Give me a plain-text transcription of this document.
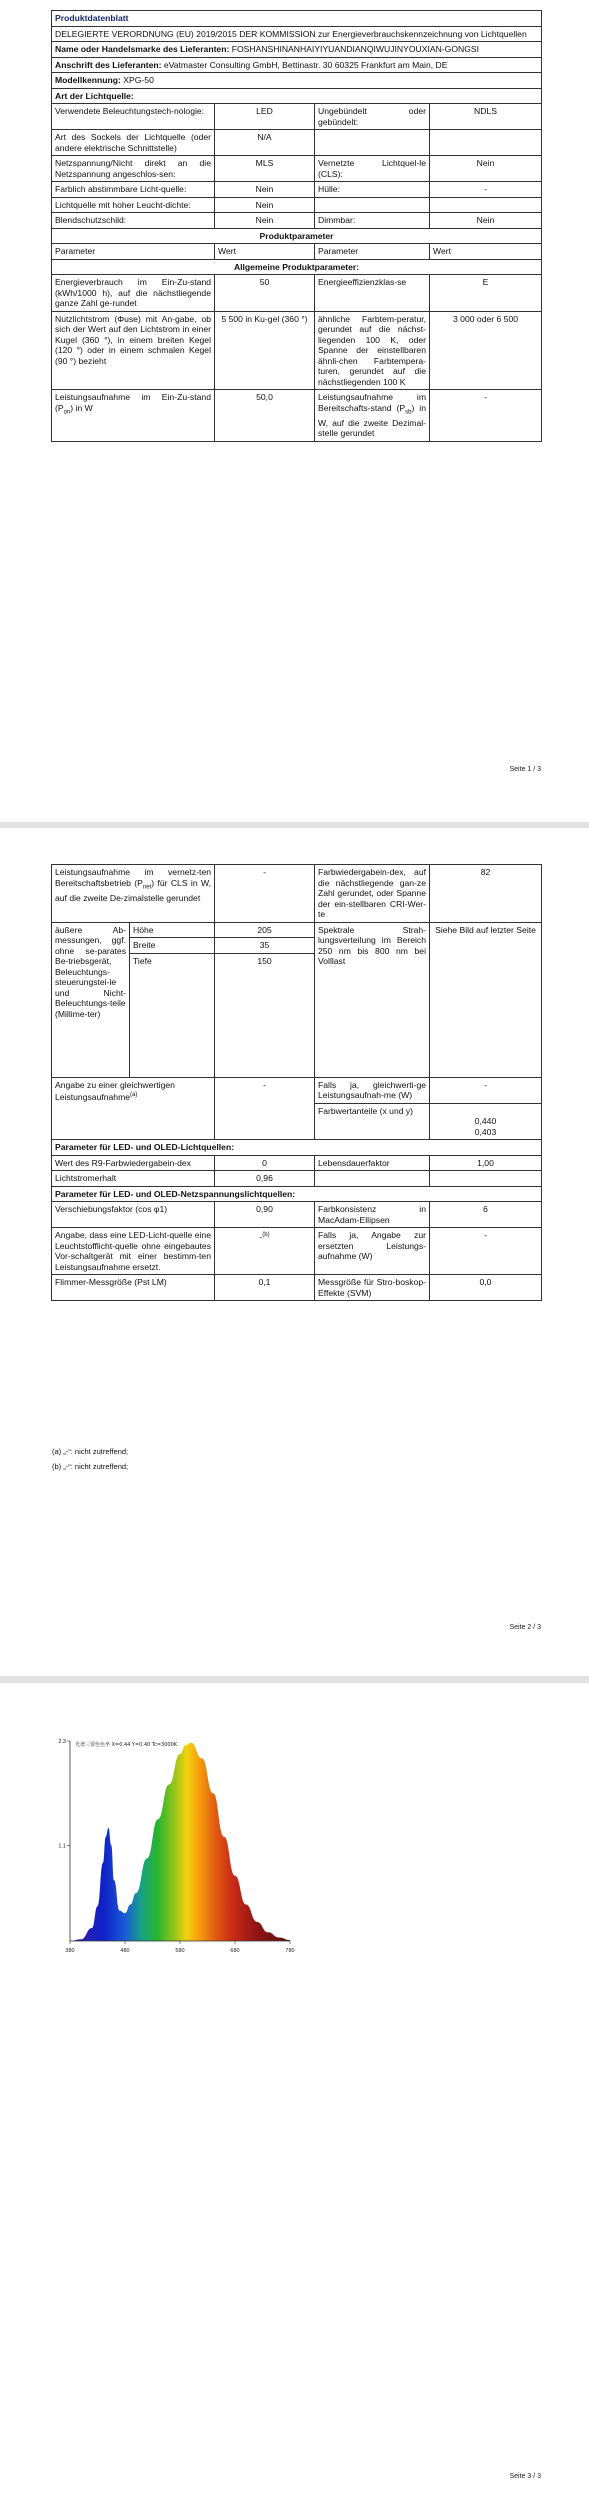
Produktdatenblatt			
DELEGIERTE VERORDNUNG (EU) 2019/2015 DER KOMMISSION zur Energieverbrauchskennzeichnung von Lichtquellen			
Name oder Handelsmarke des Lieferanten: FOSHANSHINANHAIYIYUANDIANQIWUJINYOUXIAN-GONGSI			
Anschrift des Lieferanten: eVatmaster Consulting GmbH, Bettinastr. 30 60325 Frankfurt am Main, DE			
Modellkennung: XPG-50			
Art der Lichtquelle:			
Verwendete Beleuchtungstech-nologie:	LED	Ungebündelt oder gebündelt:	NDLS
Art des Sockels der Lichtquelle (oder andere elektrische Schnittstelle)	N/A		
Netzspannung/Nicht direkt an die Netzspannung angeschlos-sen:	MLS	Vernetzte Lichtquel-le (CLS):	Nein
Farblich abstimmbare Licht-quelle:	Nein	Hülle:	-
Lichtquelle mit hoher Leucht-dichte:	Nein		
Blendschutzschild:	Nein	Dimmbar:	Nein
Produktparameter			
Parameter	Wert	Parameter	Wert
Allgemeine Produktparameter:			
Energieverbrauch im Ein-Zu-stand (kWh/1000 h), auf die nächstliegende ganze Zahl ge-rundet	50	Energieeffizienzklas-se	E
Nutzlichtstrom (Φuse) mit An-gabe, ob sich der Wert auf den Lichtstrom in einer Kugel (360 °), in einem breiten Kegel (120 °) oder in einem schmalen Kegel (90 °) bezieht	5 500 in Ku-gel (360 °)	ähnliche Farbtem-peratur, gerundet auf die nächst-liegenden 100 K, oder Spanne der einstellbaren ähnli-chen Farbtempera-turen, gerundet auf die nächstliegenden 100 K	3 000 oder 6 500
Leistungsaufnahme im Ein-Zu-stand $(P_{on})$ in W	50,0	Leistungsaufnahme im Bereitschafts-stand $(P_{sb})$ in W, auf die zweite Dezimal-stelle gerundet	-
Seite 1 / 3
Leistungsaufnahme im vernetz-ten Bereitschaftsbetrieb $(P_{net})$ für CLS in W, auf die zweite De-zimalstelle gerundet		-	Farbwiedergabein-dex, auf die nächstliegende gan-ze Zahl gerundet, oder Spanne der ein-stellbaren CRI-Wer-te	82
äußere Ab-messungen, ggf. ohne se-parates Be-triebsgerät, Beleuchtungs-steuerungstei-le und Nicht-Beleuchtungs-teile (Millime-ter)	Höhe	205	Spektrale Strah-lungsverteilung im Bereich 250 nm bis 800 nm bei Volllast	Siehe Bild auf letzter Seite
	Breite	35		
	Tiefe	150		
Angabe zu einer gleichwertigen Leistungsaufnahme$^{(a)}$		-	Falls ja, gleichwerti-ge Leistungsaufnah-me (W)	-
			Farbwertanteile (x und y)	0,440
0,403
Parameter für LED- und OLED-Lichtquellen:				
Wert des R9-Farbwiedergabein-dex		0	Lebensdauerfaktor	1,00
Lichtstromerhalt		0,96		
Parameter für LED- und OLED-Netzspannungslichtquellen:				
Verschiebungsfaktor (cos φ1)		0,90	Farbkonsistenz in MacAdam-Ellipsen	6
Angabe, dass eine LED-Licht-quelle eine Leuchtstofflicht-quelle ohne eingebautes Vor-schaltgerät mit einer bestimm-ten Leistungsaufnahme ersetzt.		-$^{(b)}$	Falls ja, Angabe zur ersetzten Leistungs-aufnahme (W)	-
Flimmer-Messgröße (Pst LM)		0,1	Messgröße für Stro-boskop-Effekte (SVM)	0,0
(a) „-“: nicht zutreffend;
(b) „-“: nicht zutreffend;
Seite 2 / 3
380	480	580	680	780
2.3
1.1
光谱三要色色坐 X=0.44 Y=0.40 Tc=3000K
Seite 3 / 3
